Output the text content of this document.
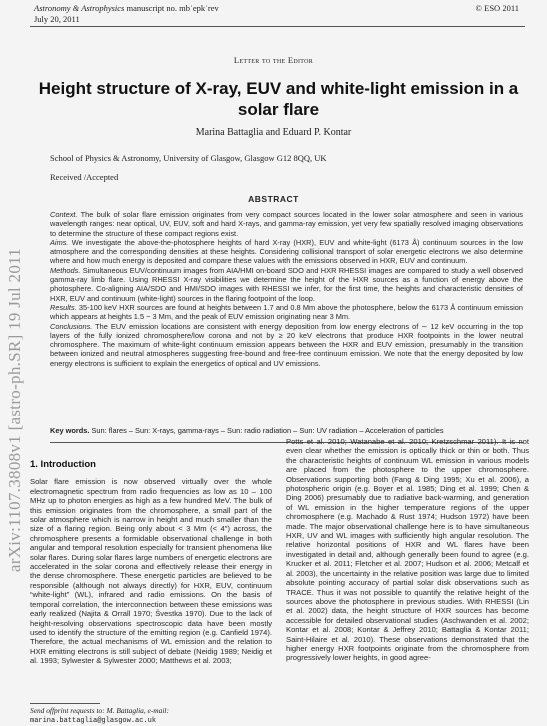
Astronomy & Astrophysics manuscript no. mb˙epk˙rev
July 20, 2011
© ESO 2011
Letter to the Editor
Height structure of X-ray, EUV and white-light emission in a solar flare
Marina Battaglia and Eduard P. Kontar
School of Physics & Astronomy, University of Glasgow, Glasgow G12 8QQ, UK
Received /Accepted
ABSTRACT

Context. The bulk of solar flare emission originates from very compact sources located in the lower solar atmosphere and seen in various wavelength ranges: near optical, UV, EUV, soft and hard X-rays, and gamma-ray emission, yet very few spatially resolved imaging observations to determine the structure of these compact regions exist.

Aims. We investigate the above-the-photosphere heights of hard X-ray (HXR), EUV and white-light (6173 Å) continuum sources in the low atmosphere and the corresponding densities at these heights. Considering collisional transport of solar energetic electrons we also determine where and how much energy is deposited and compare these values with the emissions observed in HXR, EUV and continuum.

Methods. Simultaneous EUV/continuum images from AIA/HMI on-board SDO and HXR RHESSI images are compared to study a well observed gamma-ray limb flare. Using RHESSI X-ray visibilities we determine the height of the HXR sources as a function of energy above the photosphere. Co-aligning AIA/SDO and HMI/SDO images with RHESSI we infer, for the first time, the heights and characteristic densities of HXR, EUV and continuum (white-light) sources in the flaring footpoint of the loop.

Results. 35-100 keV HXR sources are found at heights between 1.7 and 0.8 Mm above the photosphere, below the 6173 Å continuum emission which appears at heights 1.5 − 3 Mm, and the peak of EUV emission originating near 3 Mm.

Conclusions. The EUV emission locations are consistent with energy deposition from low energy electrons of ∼ 12 keV occurring in the top layers of the fully ionized chromosphere/low corona and not by ≥ 20 keV electrons that produce HXR footpoints in the lower neutral chromosphere. The maximum of white-light continuum emission appears between the HXR and EUV emission, presumably in the transition between ionized and neutral atmospheres suggesting free-bound and free-free continuum emission. We note that the energy deposited by low energy electrons is sufficient to explain the energetics of optical and UV emissions.

Key words. Sun: flares – Sun: X-rays, gamma-rays – Sun: radio radiation – Sun: UV radiation – Acceleration of particles
arXiv:1107.3808v1 [astro-ph.SR] 19 Jul 2011 1. Introduction

Solar flare emission is now observed virtually over the whole electromagnetic spectrum from radio frequencies as low as 10 – 100 MHz up to photon energies as high as a few hundred MeV. The bulk of this emission originates from the chromosphere, a small part of the solar atmosphere which is narrow in height and much smaller than the size of a flaring region. Being only about < 3 Mm (< 4″) across, the chromosphere presents a formidable observational challenge in both angular and temporal resolution especially for transient phenomena like solar flares. During solar flares large numbers of energetic electrons are accelerated in the solar corona and effectively release their energy in the dense chromosphere. These energetic particles are believed to be responsible (although not always directly) for HXR, EUV, continuum “white-light” (WL), infrared and radio emissions. On the basis of temporal correlation, the interconnection between these emissions was early realized (Najita & Orrall 1970; Švestka 1970). Due to the lack of height-resolving observations spectroscopic data have been mostly used to identify the structure of the emitting region (e.g. Canfield 1974). Therefore, the actual mechanisms of WL emission and the relation to HXR emitting electrons is still subject of debate (Neidig 1989; Neidig et al. 1993; Sylwester & Sylwester 2000; Matthews et al. 2003;

Potts et al. 2010; Watanabe et al. 2010; Kretzschmar 2011). It is not even clear whether the emission is optically thick or thin or both. Thus the characteristic heights of continuum WL emission in various models are placed from the photosphere to the upper chromosphere. Observations supporting both (Fang & Ding 1995; Xu et al. 2006), a photospheric origin (e.g. Boyer et al. 1985; Ding et al. 1999; Chen & Ding 2006) presumably due to radiative back-warming, and generation of WL emission in the higher temperature regions of the upper chromosphere (e.g. Machado & Rust 1974; Hudson 1972) have been made. The major observational challenge here is to have simultaneous HXR, UV and WL images with sufficiently high angular resolution. The relative horizontal positions of HXR and WL flares have been investigated in detail and, although generally been found to agree (e.g. Krucker et al. 2011; Fletcher et al. 2007; Hudson et al. 2006; Metcalf et al. 2003), the uncertainty in the relative position was large due to limited absolute pointing accuracy of partial solar disk observations such as TRACE. Thus it was not possible to quantify the relative height of the sources above the photosphere in previous studies. With RHESSI (Lin et al. 2002) data, the height structure of HXR sources has become accessible for detailed observational studies (Aschwanden et al. 2002; Kontar et al. 2008; Kontar & Jeffrey 2010; Battaglia & Kontar 2011; Saint-Hilaire et al. 2010). These observations demonstrated that the higher energy HXR footpoints originate from the chromosphere from progressively lower heights, in good agree-

Send offprint requests to: M. Battaglia, e-mail:
marina.battaglia@glasgow.ac.uk
